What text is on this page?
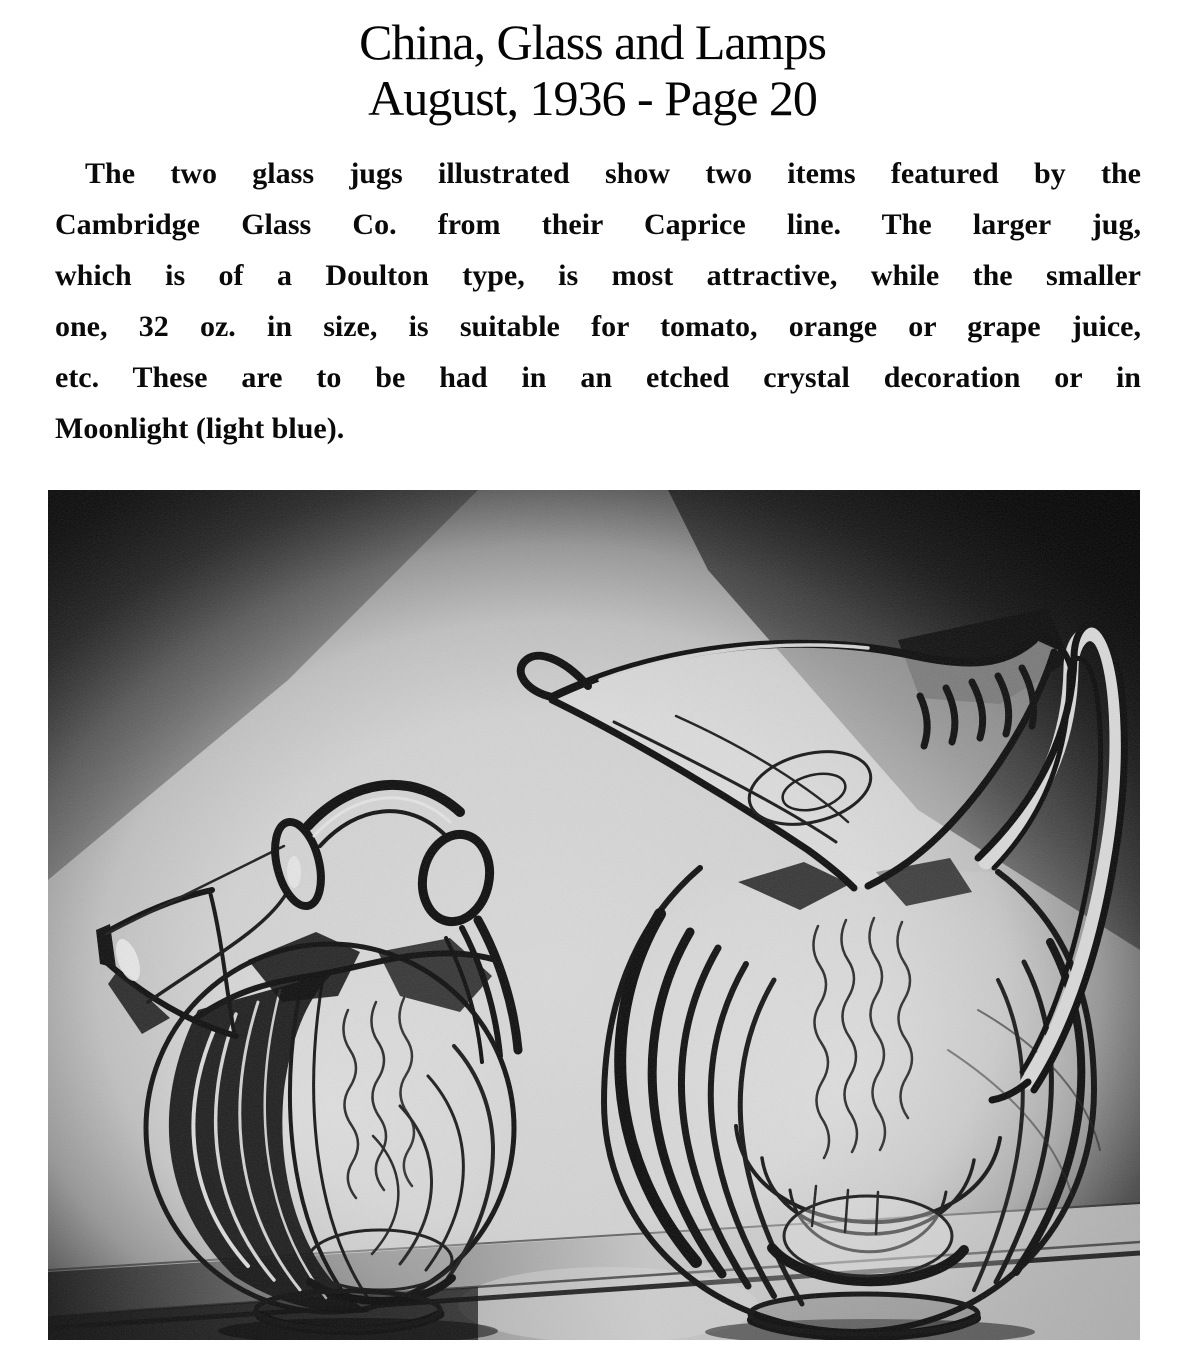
China, Glass and Lamps
August, 1936 - Page 20
The two glass jugs illustrated show two items featured by the
Cambridge Glass Co. from their Caprice line. The larger jug,
which is of a Doulton type, is most attractive, while the smaller
one, 32 oz. in size, is suitable for tomato, orange or grape juice,
etc. These are to be had in an etched crystal decoration or in
Moonlight (light blue).
